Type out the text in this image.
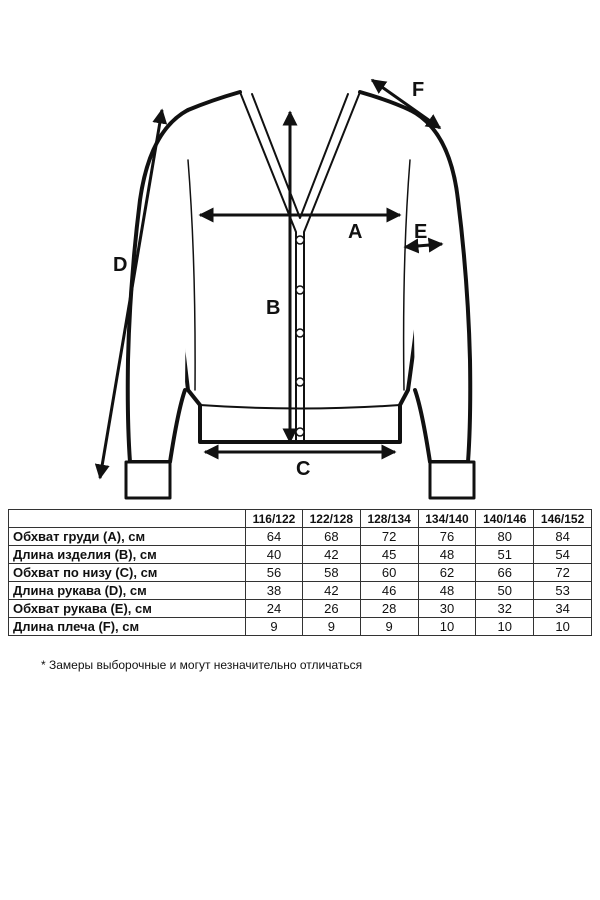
A
B
C
D
E
F
	116/122	122/128	128/134	134/140	140/146	146/152
Обхват груди (A), см	64	68	72	76	80	84
Длина изделия (B), см	40	42	45	48	51	54
Обхват по низу (C), см	56	58	60	62	66	72
Длина рукава (D), см	38	42	46	48	50	53
Обхват рукава (E), см	24	26	28	30	32	34
Длина плеча (F), см	9	9	9	10	10	10
* Замеры выборочные и могут незначительно отличаться
